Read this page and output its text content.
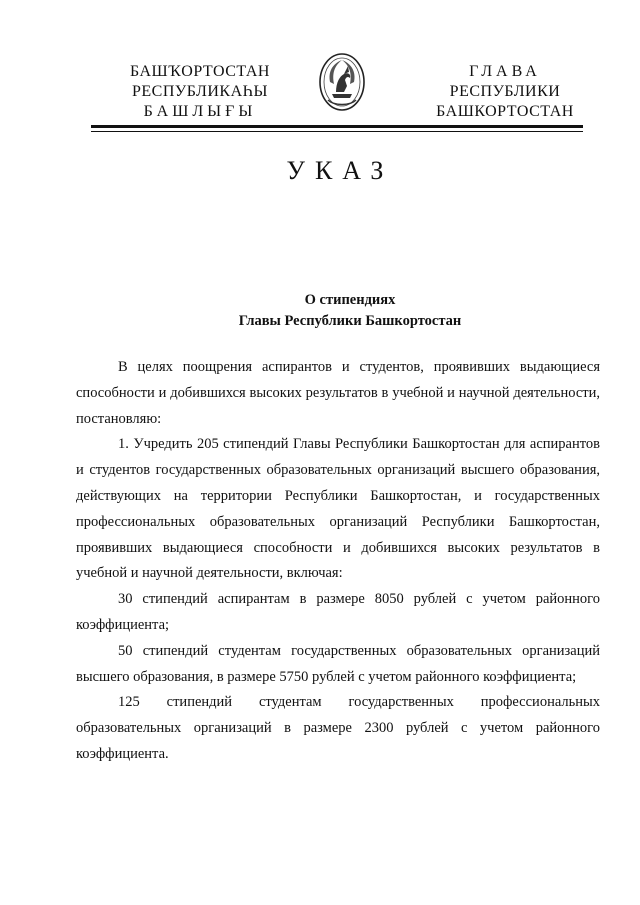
БАШҠОРТОСТАН
РЕСПУБЛИКАҺЫ
БАШЛЫҒЫ
ГЛАВА
РЕСПУБЛИКИ
БАШКОРТОСТАН
УКАЗ
О стипендиях
Главы Республики Башкортостан

В целях поощрения аспирантов и студентов, проявивших выдающиеся способности и добившихся высоких результатов в учебной и научной деятельности, постановляю:

1. Учредить 205 стипендий Главы Республики Башкортостан для аспирантов и студентов государственных образовательных организаций высшего образования, действующих на территории Республики Башкортостан, и государственных профессиональных образовательных организаций Республики Башкортостан, проявивших выдающиеся способности и добившихся высоких результатов в учебной и научной деятельности, включая:

30 стипендий аспирантам в размере 8050 рублей с учетом районного коэффициента;

50 стипендий студентам государственных образовательных организаций высшего образования, в размере 5750 рублей с учетом районного коэффициента;

125 стипендий студентам государственных профессиональных образовательных организаций в размере 2300 рублей с учетом районного коэффициента.
